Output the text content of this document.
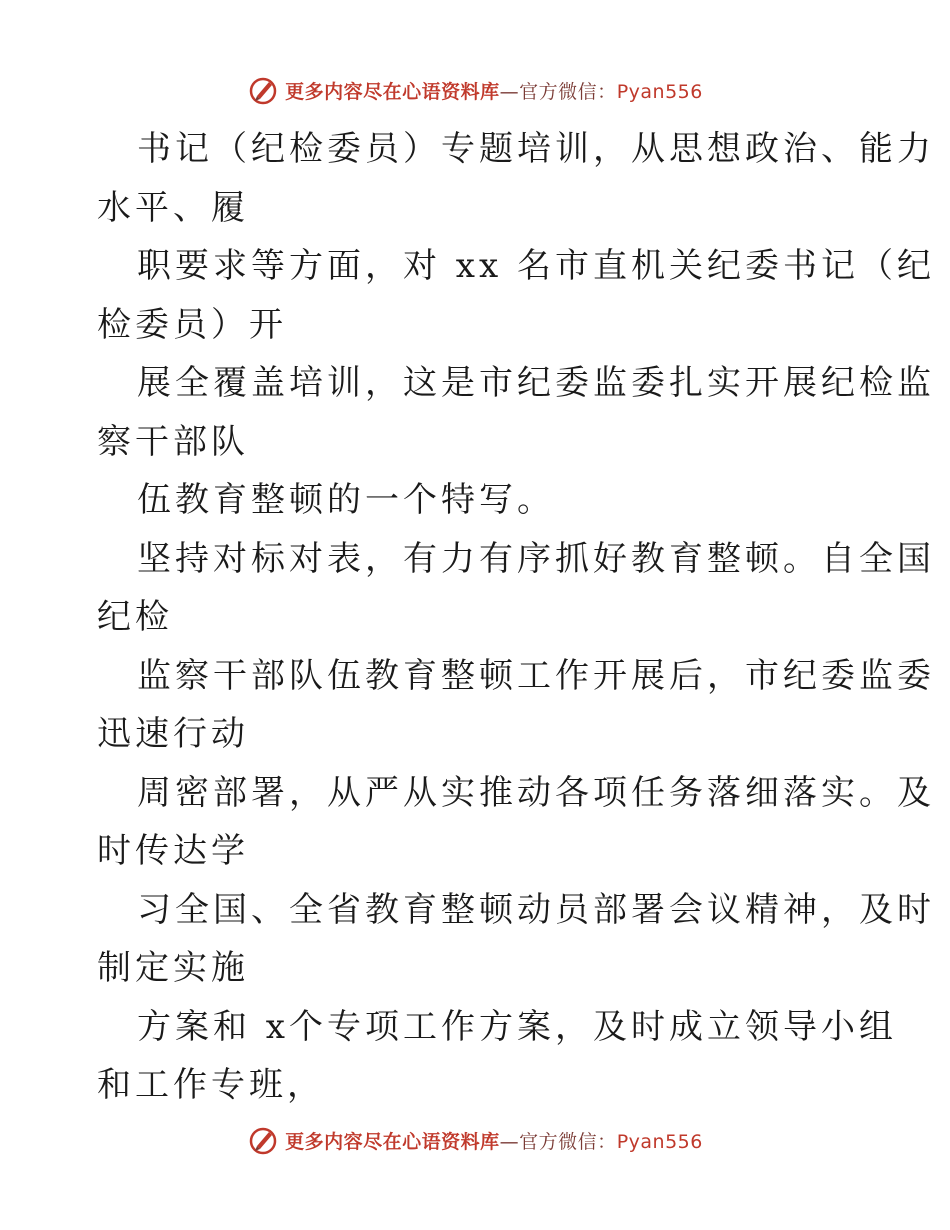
更多内容尽在心语资料库—官方微信：Pyan556
书记（纪检委员）专题培训，从思想政治、能力
水平、履
职要求等方面，对 xx 名市直机关纪委书记（纪
检委员）开
展全覆盖培训，这是市纪委监委扎实开展纪检监
察干部队
伍教育整顿的一个特写。
坚持对标对表，有力有序抓好教育整顿。自全国
纪检
监察干部队伍教育整顿工作开展后，市纪委监委
迅速行动
周密部署，从严从实推动各项任务落细落实。及
时传达学
习全国、全省教育整顿动员部署会议精神，及时
制定实施
方案和 x个专项工作方案，及时成立领导小组
和工作专班，
更多内容尽在心语资料库—官方微信：Pyan556
